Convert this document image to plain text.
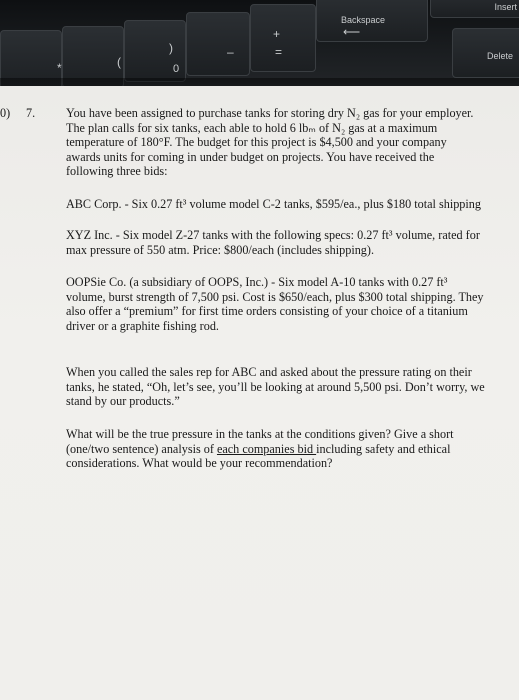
Insert
Backspace
⟵
Delete
+
=
–
)
0
(
*
0) 7.	You have been assigned to purchase tanks for storing dry N₂ gas for your employer. The plan calls for six tanks, each able to hold 6 lbₘ of N₂ gas at a maximum temperature of 180°F. The budget for this project is $4,500 and your company awards units for coming in under budget on projects. You have received the following three bids:

ABC Corp. - Six 0.27 ft³ volume model C-2 tanks, $595/ea., plus $180 total shipping

XYZ Inc. - Six model Z-27 tanks with the following specs: 0.27 ft³ volume, rated for max pressure of 550 atm. Price: $800/each (includes shipping).

OOPSie Co. (a subsidiary of OOPS, Inc.) - Six model A-10 tanks with 0.27 ft³ volume, burst strength of 7,500 psi. Cost is $650/each, plus $300 total shipping. They also offer a “premium” for first time orders consisting of your choice of a titanium driver or a graphite fishing rod.

When you called the sales rep for ABC and asked about the pressure rating on their tanks, he stated, “Oh, let’s see, you’ll be looking at around 5,500 psi. Don’t worry, we stand by our products.”

What will be the true pressure in the tanks at the conditions given? Give a short (one/two sentence) analysis of each companies bid including safety and ethical considerations. What would be your recommendation?
